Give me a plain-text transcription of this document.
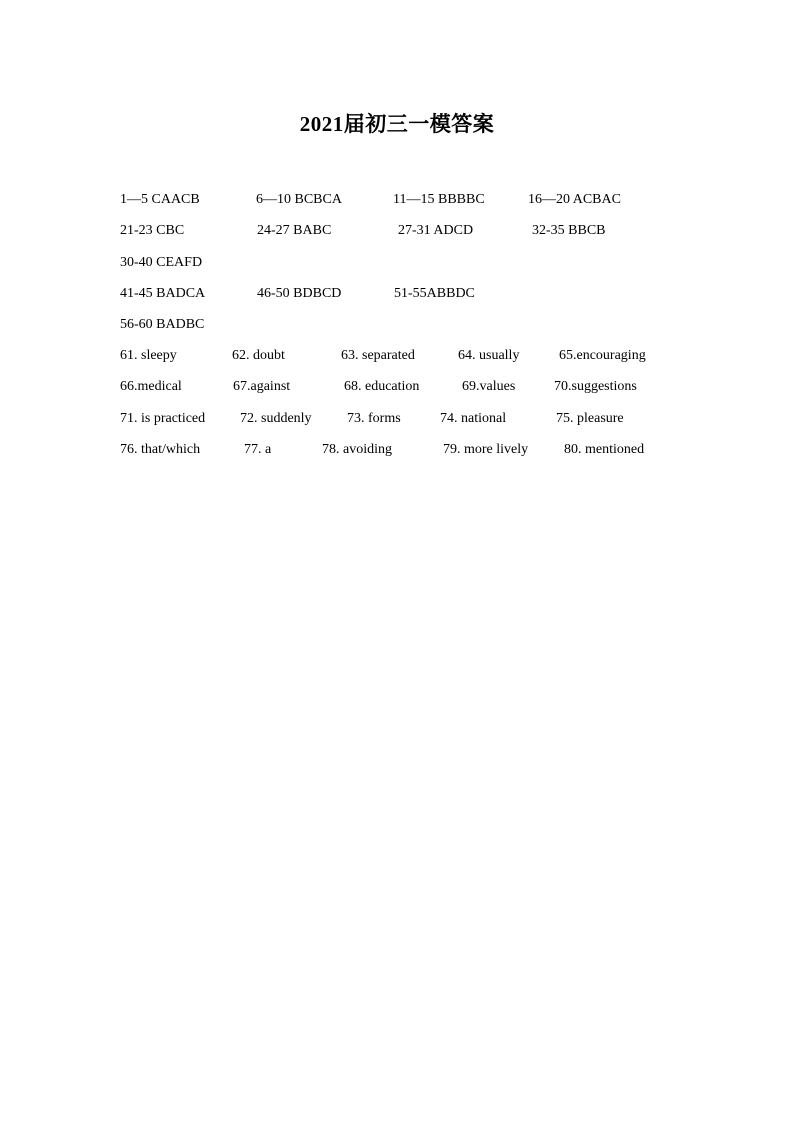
2021届初三一模答案
1—5 CAACB	6—10 BCBCA	11—15 BBBBC	16—20 ACBAC
21-23 CBC	24-27 BABC	27-31 ADCD	32-35 BBCB
30-40 CEAFD
41-45 BADCA	46-50 BDBCD	51-55ABBDC
56-60 BADBC
61. sleepy	62. doubt	63. separated	64. usually	65.encouraging
66.medical	67.against	68. education	69.values	70.suggestions
71. is practiced 72. suddenly	73. forms	74. national	75. pleasure
76. that/which	77. a	78. avoiding	79. more lively	80. mentioned
